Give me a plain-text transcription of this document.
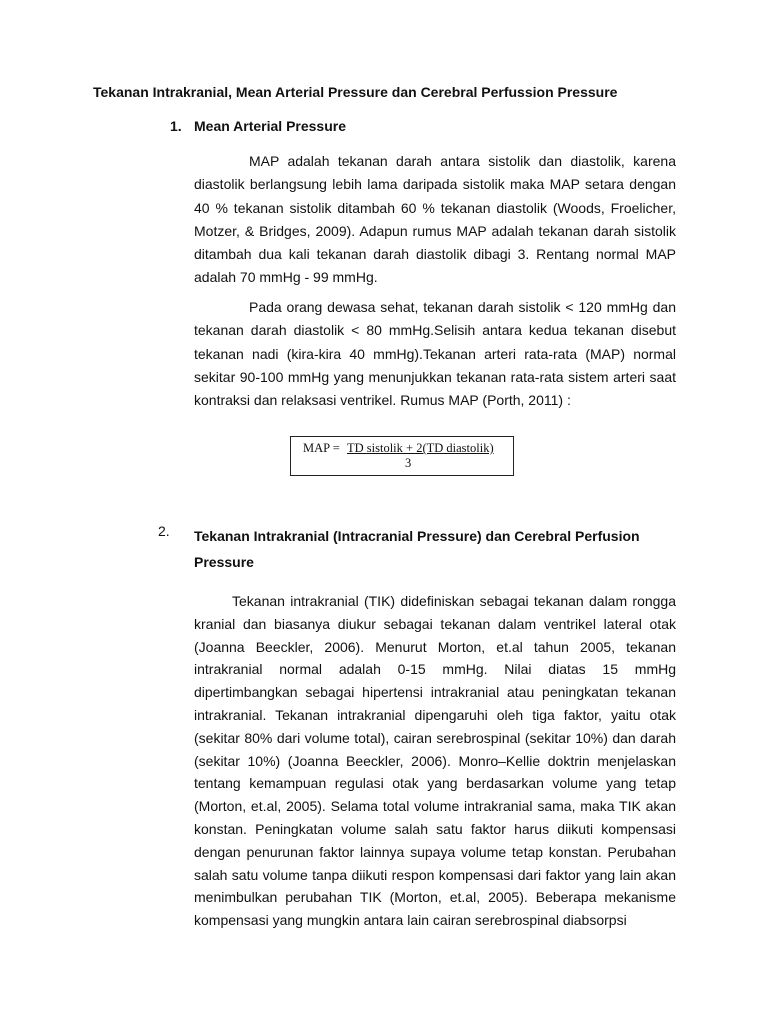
Tekanan Intrakranial, Mean Arterial Pressure dan Cerebral Perfussion Pressure
1. Mean Arterial Pressure

MAP adalah tekanan darah antara sistolik dan diastolik, karena diastolik berlangsung lebih lama daripada sistolik maka MAP setara dengan 40 % tekanan sistolik ditambah 60 % tekanan diastolik (Woods, Froelicher, Motzer, & Bridges, 2009). Adapun rumus MAP adalah tekanan darah sistolik ditambah dua kali tekanan darah diastolik dibagi 3. Rentang normal MAP adalah 70 mmHg - 99 mmHg.

Pada orang dewasa sehat, tekanan darah sistolik < 120 mmHg dan tekanan darah diastolik < 80 mmHg.Selisih antara kedua tekanan disebut tekanan nadi (kira-kira 40 mmHg).Tekanan arteri rata-rata (MAP) normal sekitar 90-100 mmHg yang menunjukkan tekanan rata-rata sistem arteri saat kontraksi dan relaksasi ventrikel. Rumus MAP (Porth, 2011) :

MAP = TD sistolik + 2(TD diastolik)
3
2. Tekanan Intrakranial (Intracranial Pressure) dan Cerebral Perfusion Pressure

Tekanan intrakranial (TIK) didefiniskan sebagai tekanan dalam rongga kranial dan biasanya diukur sebagai tekanan dalam ventrikel lateral otak (Joanna Beeckler, 2006). Menurut Morton, et.al tahun 2005, tekanan intrakranial normal adalah 0-15 mmHg. Nilai diatas 15 mmHg dipertimbangkan sebagai hipertensi intrakranial atau peningkatan tekanan intrakranial. Tekanan intrakranial dipengaruhi oleh tiga faktor, yaitu otak (sekitar 80% dari volume total), cairan serebrospinal (sekitar 10%) dan darah (sekitar 10%) (Joanna Beeckler, 2006). Monro–Kellie doktrin menjelaskan tentang kemampuan regulasi otak yang berdasarkan volume yang tetap (Morton, et.al, 2005). Selama total volume intrakranial sama, maka TIK akan konstan. Peningkatan volume salah satu faktor harus diikuti kompensasi dengan penurunan faktor lainnya supaya volume tetap konstan. Perubahan salah satu volume tanpa diikuti respon kompensasi dari faktor yang lain akan menimbulkan perubahan TIK (Morton, et.al, 2005). Beberapa mekanisme kompensasi yang mungkin antara lain cairan serebrospinal diabsorpsi
